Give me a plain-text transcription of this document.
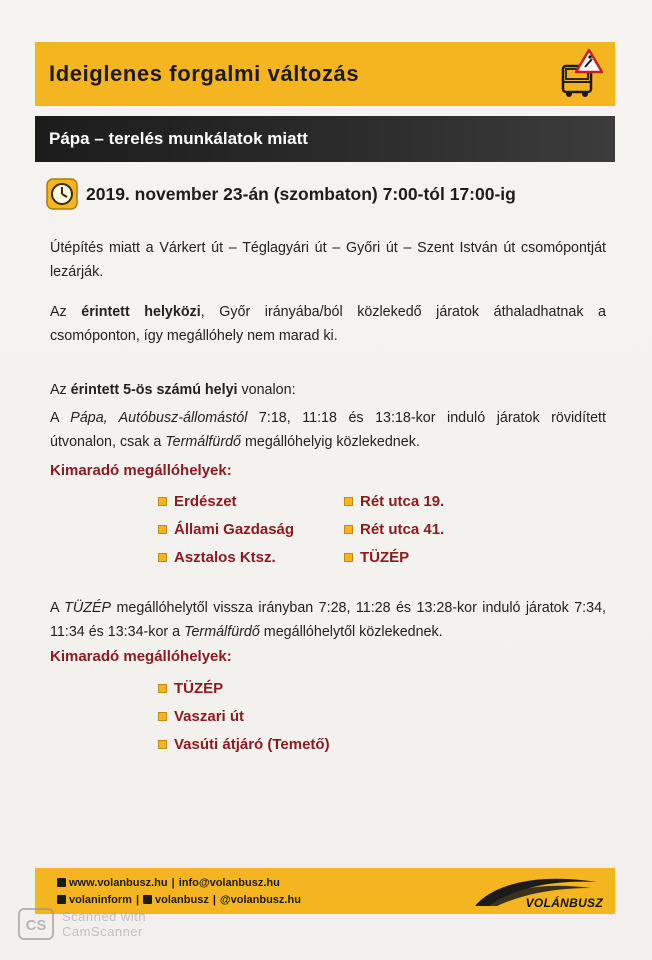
Ideiglenes forgalmi változás
Pápa – terelés munkálatok miatt
2019. november 23-án (szombaton) 7:00-tól 17:00-ig
Útépítés miatt a Várkert út – Téglagyári út – Győri út – Szent István út csomópontját lezárják.
Az érintett helyközi, Győr irányába/ból közlekedő járatok áthaladhatnak a csomóponton, így megállóhely nem marad ki.
Az érintett 5-ös számú helyi vonalon:
A Pápa, Autóbusz-állomástól 7:18, 11:18 és 13:18-kor induló járatok rövidített útvonalon, csak a Termálfürdő megállóhelyig közlekednek.
Kimaradó megállóhelyek:
Erdészet
Állami Gazdaság
Asztalos Ktsz.
Rét utca 19.
Rét utca 41.
TÜZÉP
A TÜZÉP megállóhelytől vissza irányban 7:28, 11:28 és 13:28-kor induló járatok 7:34, 11:34 és 13:34-kor a Termálfürdő megállóhelytől közlekednek.
Kimaradó megállóhelyek:
TÜZÉP
Vaszari út
Vasúti átjáró (Temető)
www.volanbusz.hu | info@volanbusz.hu
volaninform | volanbusz | @volanbusz.hu	VOLÁNBUSZ
CS
Scanned with
CamScanner
